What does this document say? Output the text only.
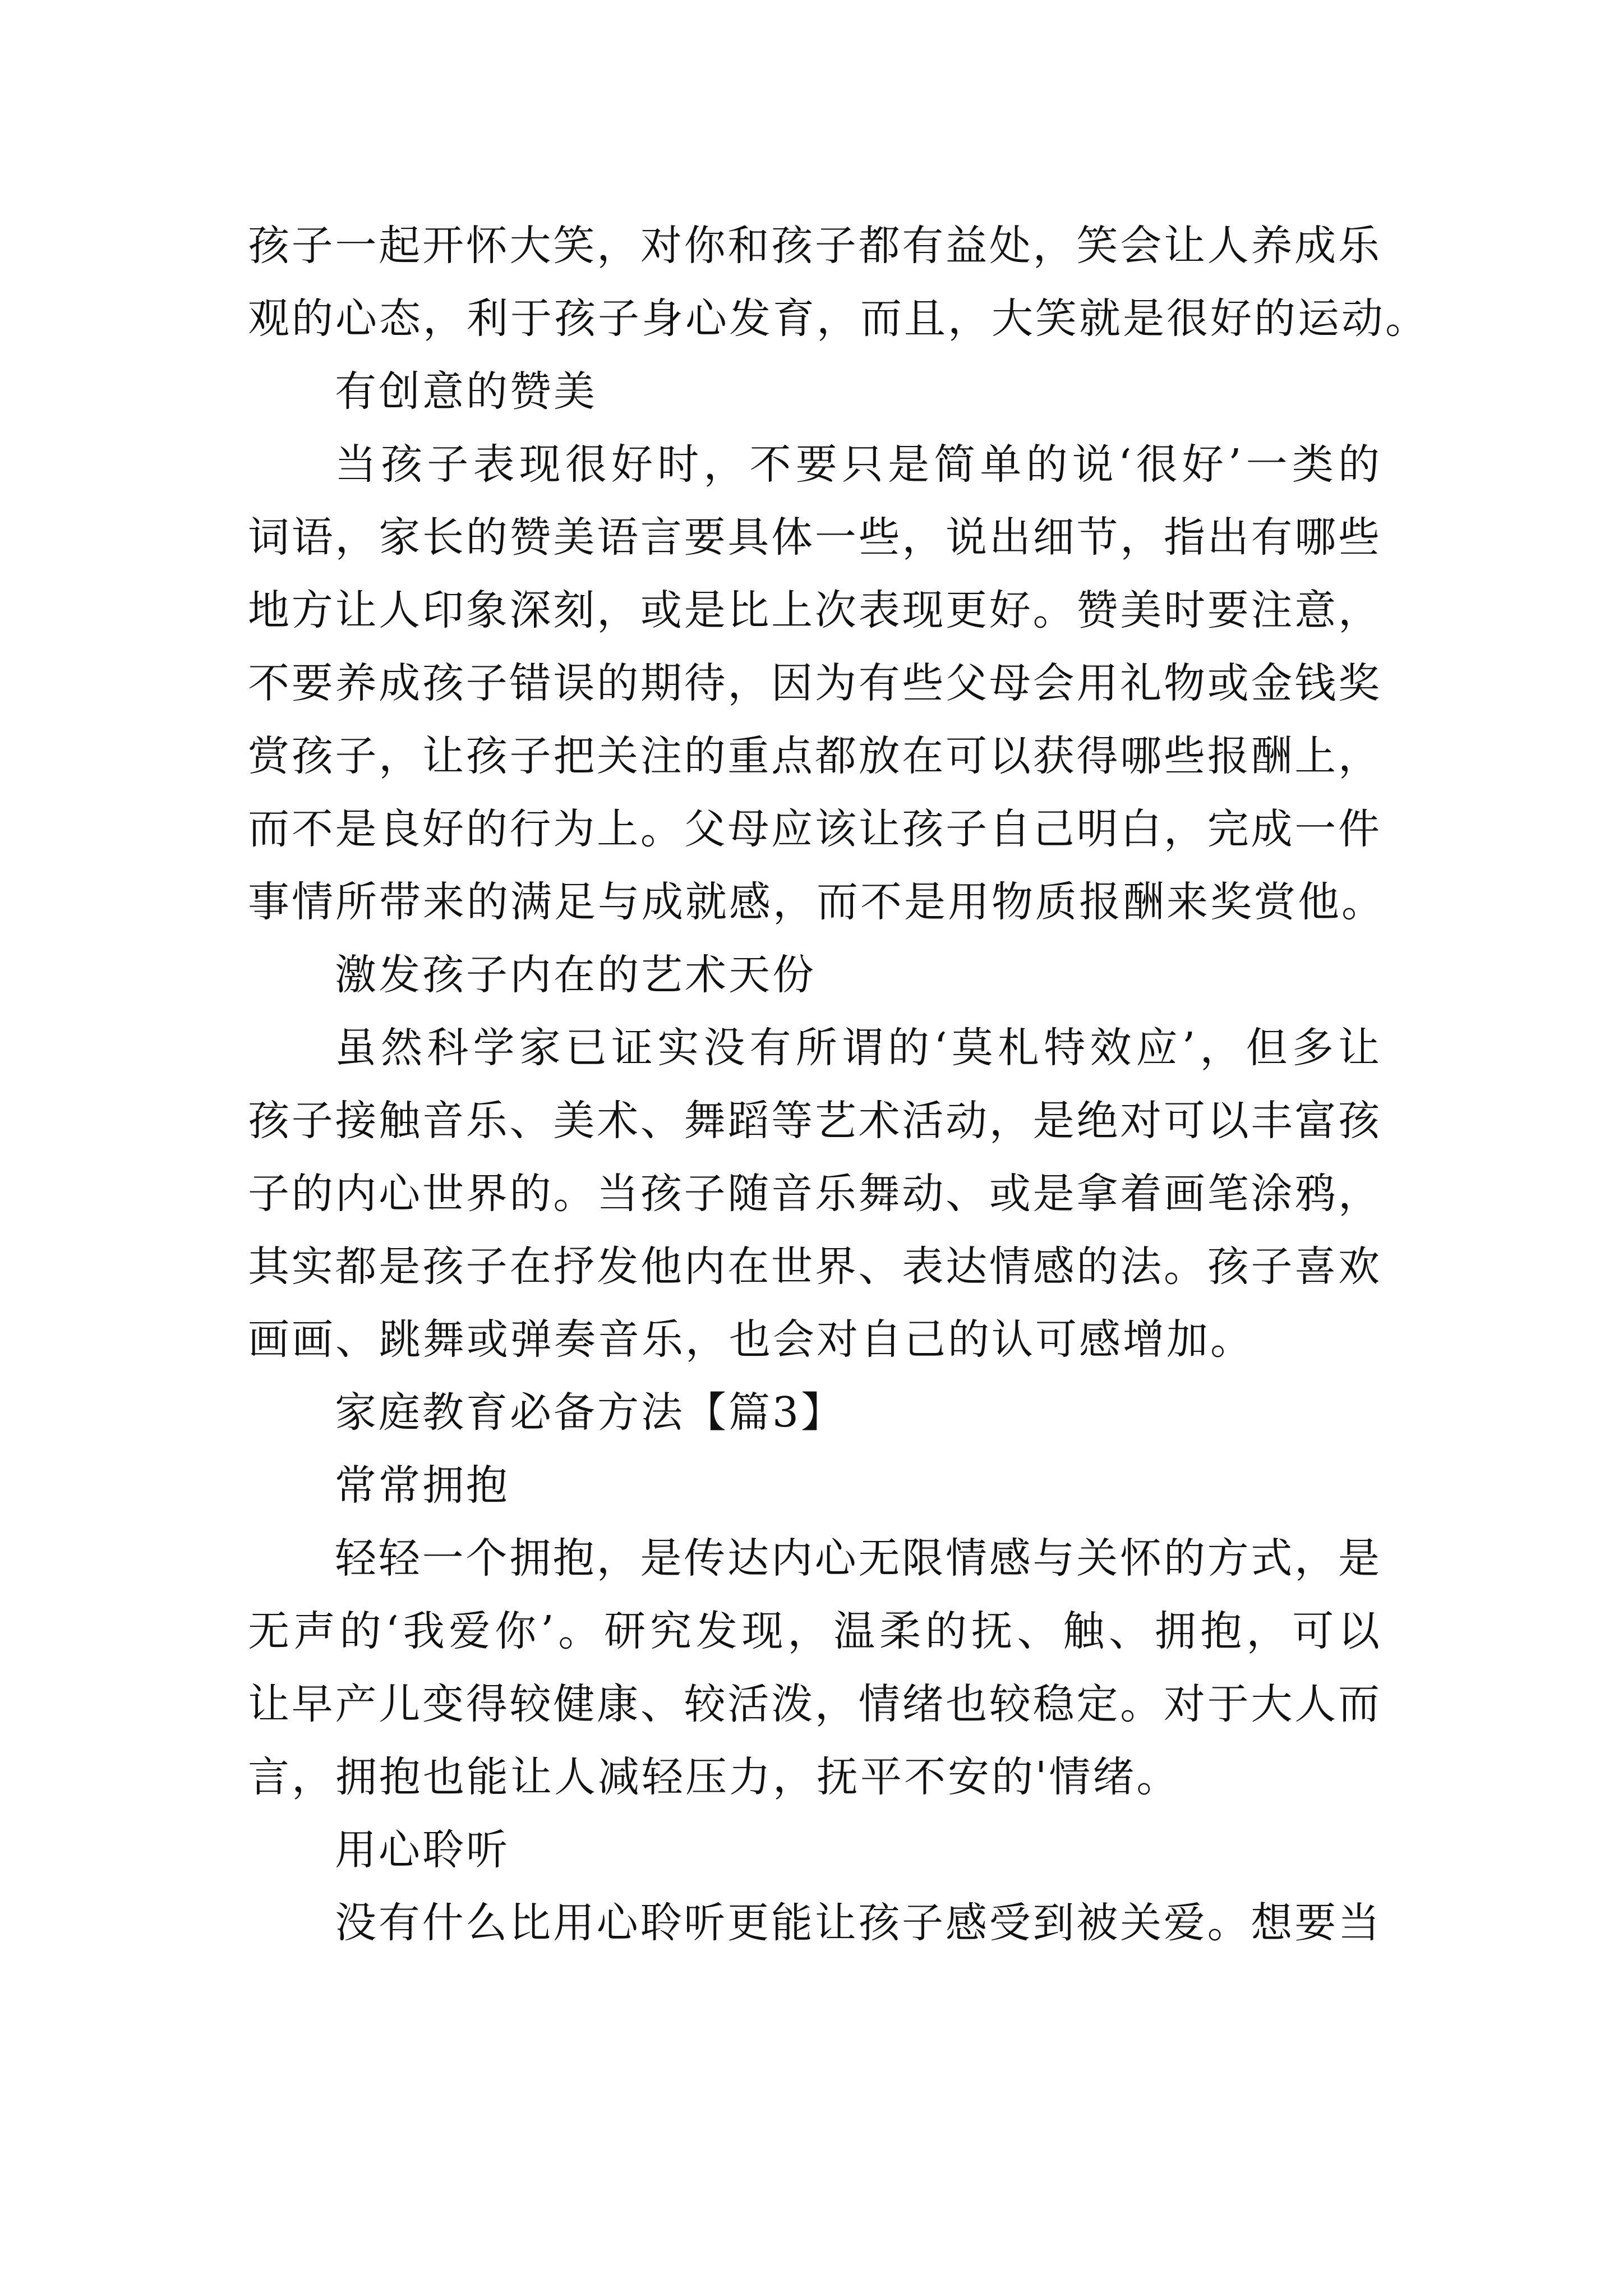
孩子一起开怀大笑，对你和孩子都有益处，笑会让人养成乐
观的心态，利于孩子身心发育，而且，大笑就是很好的运动。
有创意的赞美
当孩子表现很好时，不要只是简单的说‘很好’一类的
词语，家长的赞美语言要具体一些，说出细节，指出有哪些
地方让人印象深刻，或是比上次表现更好。赞美时要注意，
不要养成孩子错误的期待，因为有些父母会用礼物或金钱奖
赏孩子，让孩子把关注的重点都放在可以获得哪些报酬上，
而不是良好的行为上。父母应该让孩子自己明白，完成一件
事情所带来的满足与成就感，而不是用物质报酬来奖赏他。
激发孩子内在的艺术天份
虽然科学家已证实没有所谓的‘莫札特效应’，但多让
孩子接触音乐、美术、舞蹈等艺术活动，是绝对可以丰富孩
子的内心世界的。当孩子随音乐舞动、或是拿着画笔涂鸦，
其实都是孩子在抒发他内在世界、表达情感的法。孩子喜欢
画画、跳舞或弹奏音乐，也会对自己的认可感增加。
家庭教育必备方法【篇3】
常常拥抱
轻轻一个拥抱，是传达内心无限情感与关怀的方式，是
无声的‘我爱你’。研究发现，温柔的抚、触、拥抱，可以
让早产儿变得较健康、较活泼，情绪也较稳定。对于大人而
言，拥抱也能让人减轻压力，抚平不安的'情绪。
用心聆听
没有什么比用心聆听更能让孩子感受到被关爱。想要当
